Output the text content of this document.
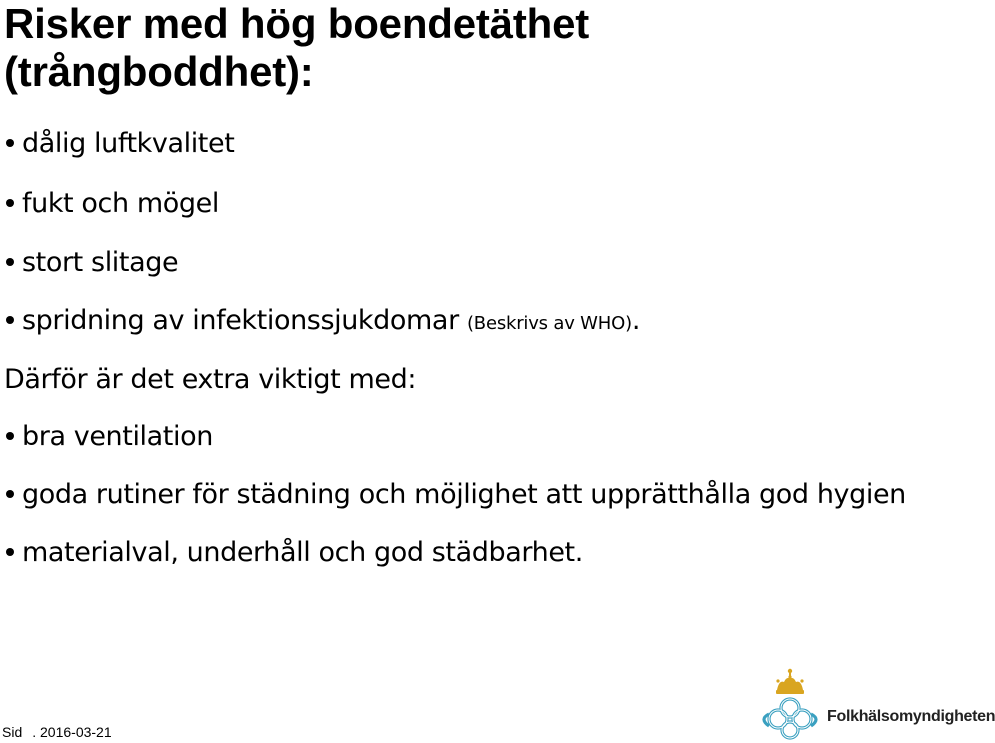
Risker med hög boendetäthet
(trångboddhet):
dålig luftkvalitet
fukt och mögel
stort slitage
spridning av infektionssjukdomar (Beskrivs av WHO).
Därför är det extra viktigt med:
bra ventilation
goda rutiner för städning och möjlighet att upprätthålla god hygien
materialval, underhåll och god städbarhet.
Sid . 2016-03-21
Folkhälsomyndigheten
